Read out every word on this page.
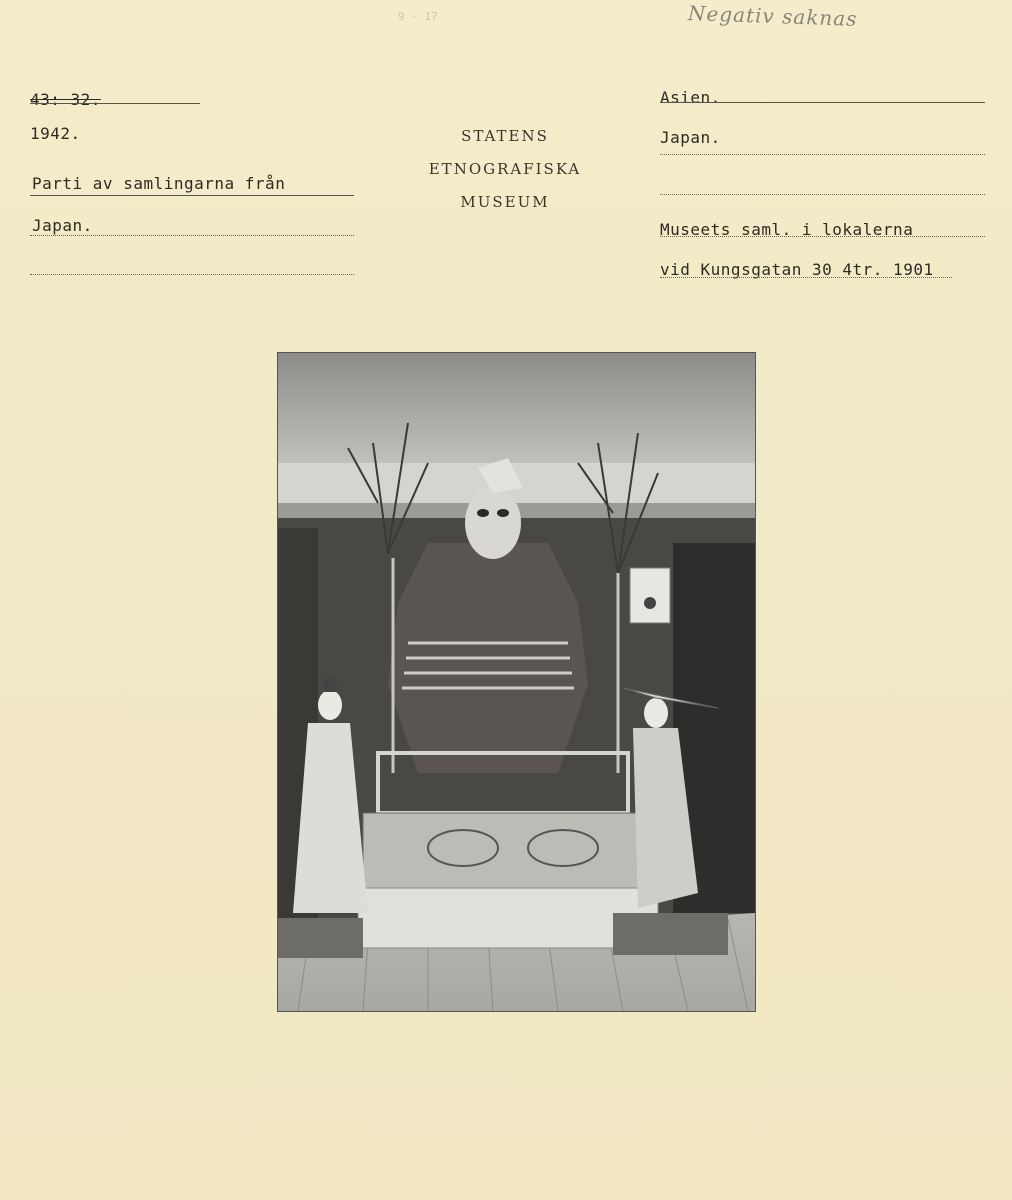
9 - 17	Negativ saknas
43: 32.
1942.
Parti av samlingarna från
Japan.
STATENS
ETNOGRAFISKA
MUSEUM
Asien.
Japan.
Museets saml. i lokalerna
vid Kungsgatan 30 4tr. 1901
